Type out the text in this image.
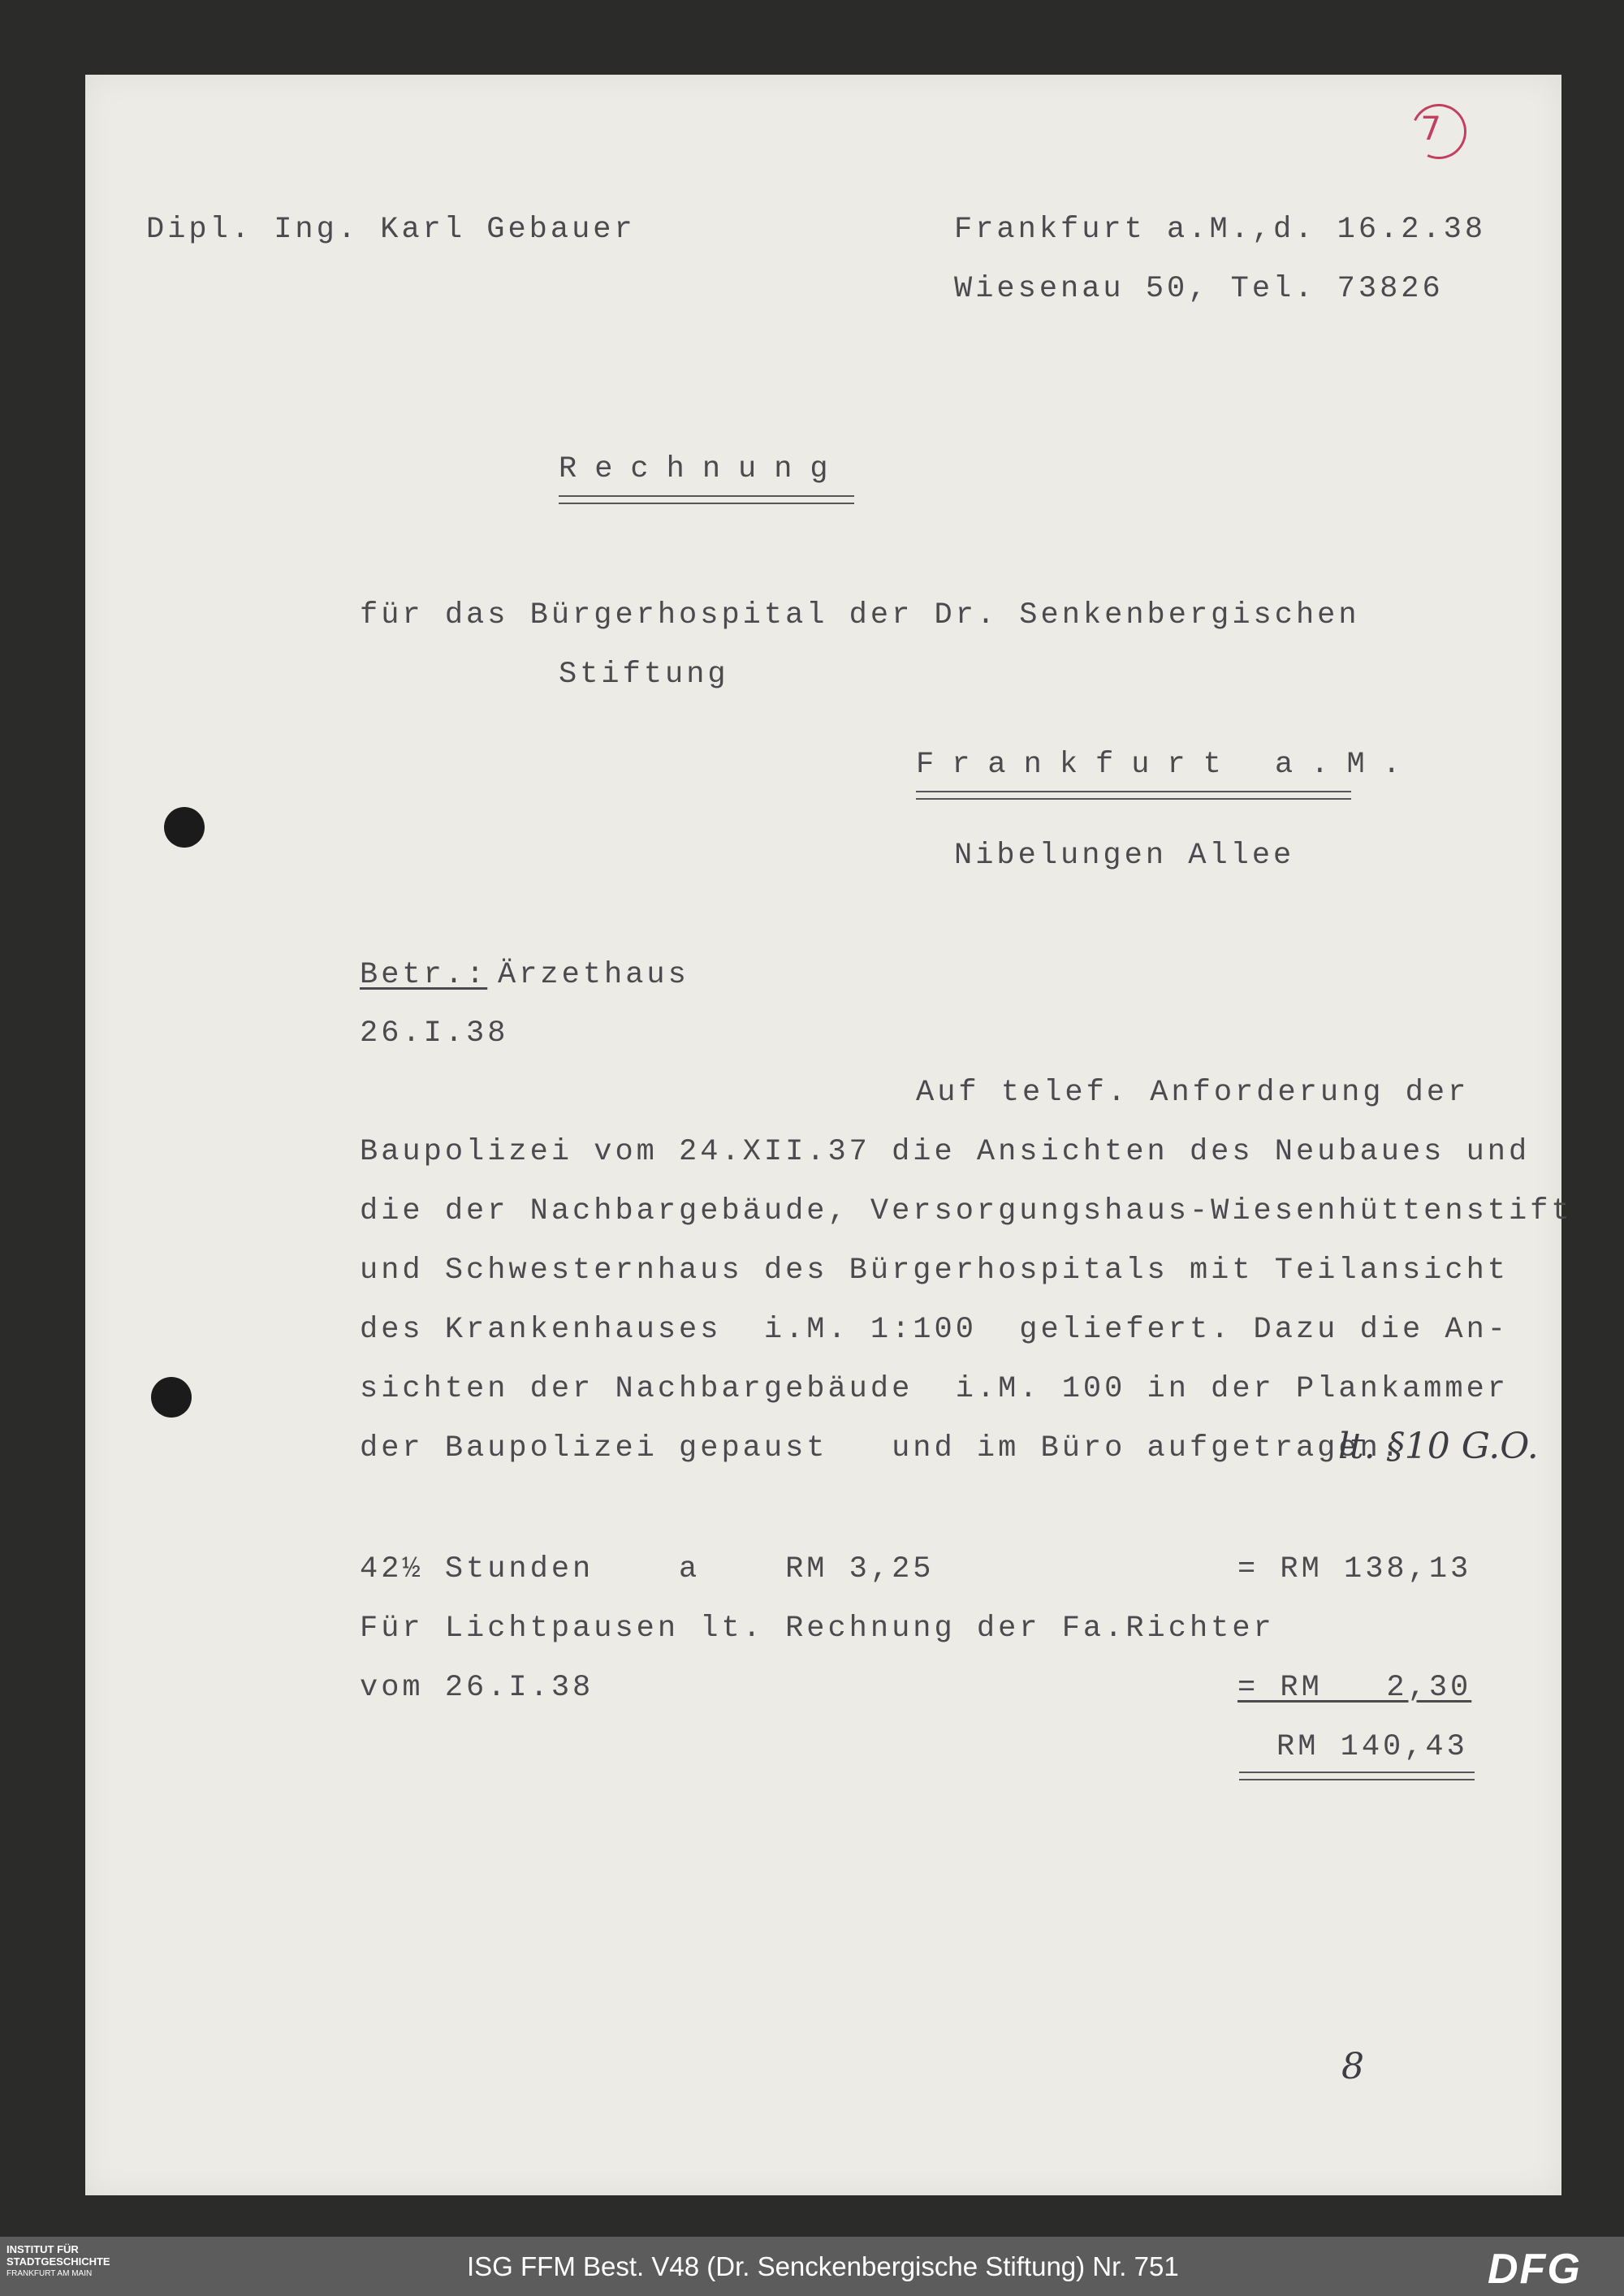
7
Dipl. Ing. Karl Gebauer	Frankfurt a.M.,d. 16.2.38
Wiesenau 50, Tel. 73826
Rechnung
für das Bürgerhospital der Dr. Senkenbergischen
Stiftung
Frankfurt a.M.
Nibelungen Allee
Betr.: Ärzethaus
26.I.38
Auf telef. Anforderung der
Baupolizei vom 24.XII.37 die Ansichten des Neubaues und
die der Nachbargebäude, Versorgungshaus-Wiesenhüttenstift
und Schwesternhaus des Bürgerhospitals mit Teilansicht
des Krankenhauses  i.M. 1:100  geliefert. Dazu die An-
sichten der Nachbargebäude  i.M. 100 in der Plankammer
der Baupolizei gepaust   und im Büro aufgetragen.
lt. §10 G.O.
42½ Stunden    a    RM 3,25	= RM 138,13
Für Lichtpausen lt. Rechnung der Fa.Richter
vom 26.I.38	= RM   2,30
RM 140,43
8
INSTITUT FÜR
STADTGESCHICHTE
FRANKFURT AM MAIN	ISG FFM Best. V48 (Dr. Senckenbergische Stiftung) Nr. 751	DFG
